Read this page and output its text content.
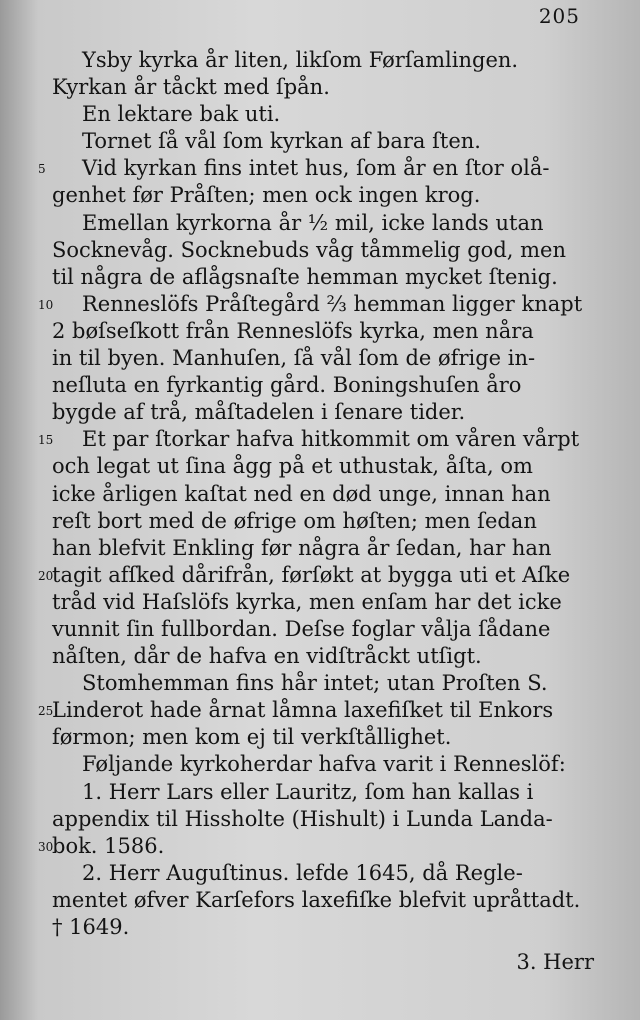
205
Ysby kyrka år liten, likſom Førſamlingen.
Kyrkan år tåckt med ſpån.
En lektare bak uti.
Tornet ſå vål ſom kyrkan af bara ſten.
5 Vid kyrkan fins intet hus, ſom år en ſtor olå-
genhet før Pråſten; men ock ingen krog.
Emellan kyrkorna år ½ mil, icke lands utan
Socknevåg. Socknebuds våg tåmmelig god, men
til några de aflågsnaſte hemman mycket ſtenig.
10 Renneslöfs Pråſtegård ⅔ hemman ligger knapt
2 bøſseſkott från Renneslöfs kyrka, men nåra
in til byen. Manhuſen, ſå vål ſom de øfrige in-
neſluta en fyrkantig gård. Boningshuſen åro
bygde af trå, måſtadelen i ſenare tider.
15 Et par ſtorkar hafva hitkommit om våren vårpt
och legat ut ſina ågg på et uthustak, åſta, om
icke årligen kaſtat ned en død unge, innan han
reſt bort med de øfrige om høſten; men ſedan
han blefvit Enkling før några år ſedan, har han
20
tagit afſked dårifrån, førſøkt at bygga uti et Aſke
tråd vid Haſslöfs kyrka, men enſam har det icke
vunnit ſin fullbordan. Deſse foglar vålja ſådane
nåſten, dår de hafva en vidſtråckt utſigt.
Stomhemman fins hår intet; utan Proſten S.
25
Linderot hade årnat låmna laxefiſket til Enkors
førmon; men kom ej til verkſtållighet.
Følјande kyrkoherdar hafva varit i Renneslöf:
1. Herr Lars eller Lauritz, ſom han kallas i
appendix til Hissholte (Hishult) i Lunda Landa-
30
bok. 1586.
2. Herr Auguſtinus. lefde 1645, då Regle-
mentet øfver Karſefors laxefiſke blefvit upråttadt.
† 1649.
3. Herr
